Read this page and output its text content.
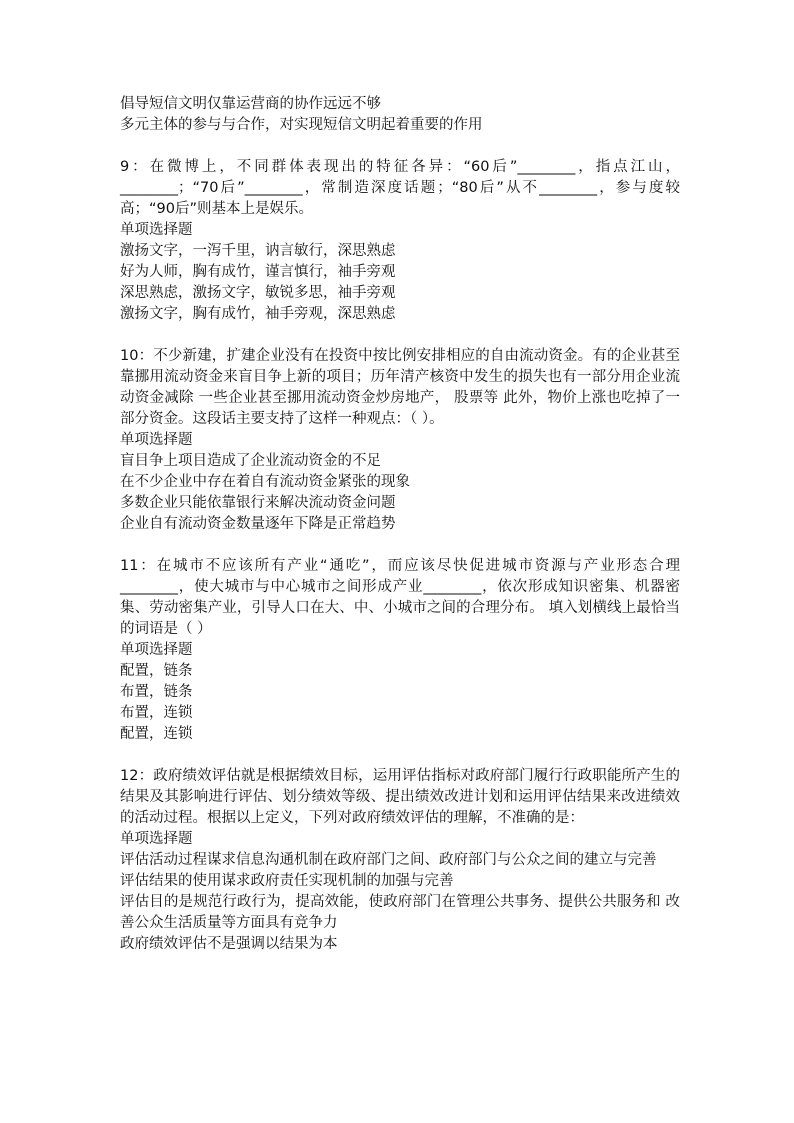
倡导短信文明仅靠运营商的协作远远不够
多元主体的参与与合作，对实现短信文明起着重要的作用
9：在微博上，不同群体表现出的特征各异：“60后”________，指点江山，________；“70后”________，常制造深度话题；“80后”从不________，参与度较高；“90后”则基本上是娱乐。
单项选择题
激扬文字，一泻千里，讷言敏行，深思熟虑
好为人师，胸有成竹，谨言慎行，袖手旁观
深思熟虑，激扬文字，敏锐多思，袖手旁观
激扬文字，胸有成竹，袖手旁观，深思熟虑
10：不少新建，扩建企业没有在投资中按比例安排相应的自由流动资金。有的企业甚至靠挪用流动资金来盲目争上新的项目；历年清产核资中发生的损失也有一部分用企业流动资金减除 一些企业甚至挪用流动资金炒房地产， 股票等 此外，物价上涨也吃掉了一部分资金。这段话主要支持了这样一种观点：（ ）。
单项选择题
盲目争上项目造成了企业流动资金的不足
在不少企业中存在着自有流动资金紧张的现象
多数企业只能依靠银行来解决流动资金问题
企业自有流动资金数量逐年下降是正常趋势
11：在城市不应该所有产业“通吃”，而应该尽快促进城市资源与产业形态合理________，使大城市与中心城市之间形成产业________，依次形成知识密集、机器密集、劳动密集产业，引导人口在大、中、小城市之间的合理分布。 填入划横线上最恰当的词语是（ ）
单项选择题
配置，链条
布置，链条
布置，连锁
配置，连锁
12：政府绩效评估就是根据绩效目标，运用评估指标对政府部门履行行政职能所产生的结果及其影响进行评估、划分绩效等级、提出绩效改进计划和运用评估结果来改进绩效的活动过程。根据以上定义，下列对政府绩效评估的理解，不准确的是：
单项选择题
评估活动过程谋求信息沟通机制在政府部门之间、政府部门与公众之间的建立与完善
评估结果的使用谋求政府责任实现机制的加强与完善
评估目的是规范行政行为，提高效能，使政府部门在管理公共事务、提供公共服务和 改善公众生活质量等方面具有竞争力
政府绩效评估不是强调以结果为本
